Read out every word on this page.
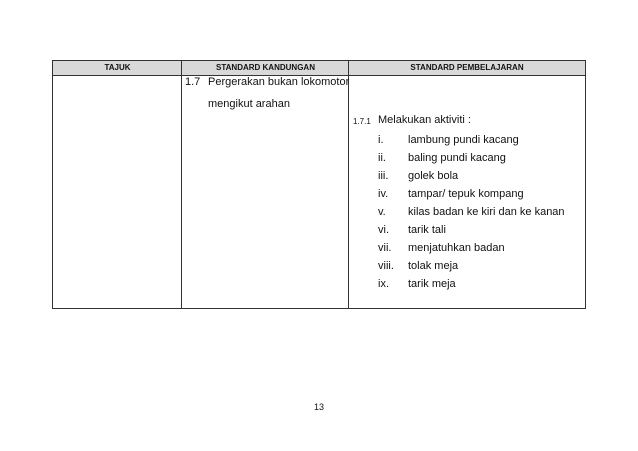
TAJUK	STANDARD KANDUNGAN	STANDARD PEMBELAJARAN
1.7 Pergerakan bukan lokomotor
mengikut arahan
1.7.1 Melakukan aktiviti :
i. lambung pundi kacang
ii. baling pundi kacang
iii. golek bola
iv. tampar/ tepuk kompang
v. kilas badan ke kiri dan ke kanan
vi. tarik tali
vii. menjatuhkan badan
viii. tolak meja
ix. tarik meja
13
